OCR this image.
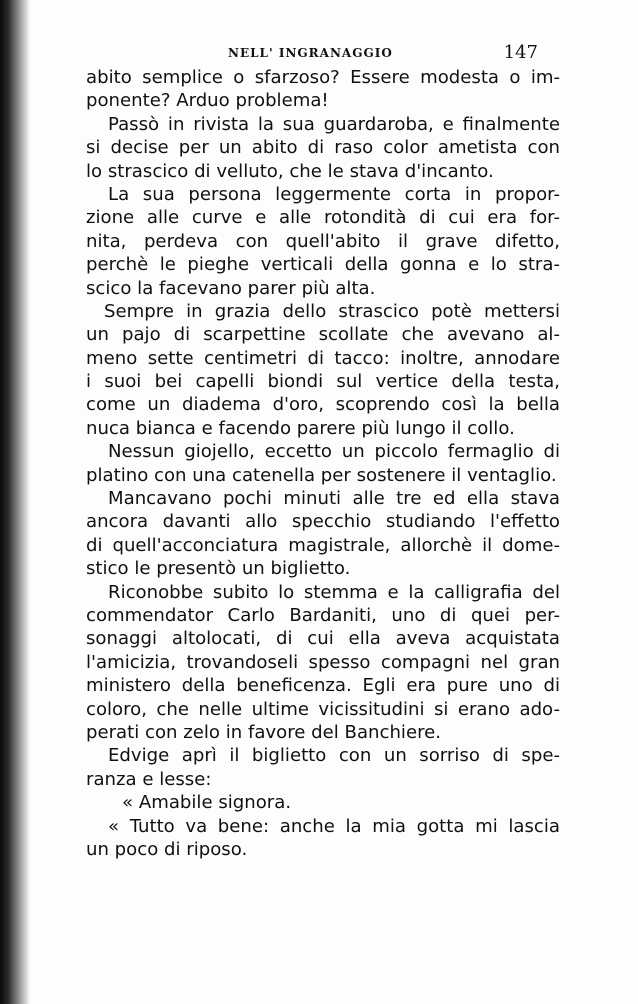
NELL' INGRANAGGIO	147
abito semplice o sfarzoso? Essere modesta o im-
ponente? Arduo problema!
Passò in rivista la sua guardaroba, e finalmente
si decise per un abito di raso color ametista con
lo strascico di velluto, che le stava d'incanto.
La sua persona leggermente corta in propor-
zione alle curve e alle rotondità di cui era for-
nita, perdeva con quell'abito il grave difetto,
perchè le pieghe verticali della gonna e lo stra-
scico la facevano parer più alta.
Sempre in grazia dello strascico potè mettersi
un pajo di scarpettine scollate che avevano al-
meno sette centimetri di tacco: inoltre, annodare
i suoi bei capelli biondi sul vertice della testa,
come un diadema d'oro, scoprendo così la bella
nuca bianca e facendo parere più lungo il collo.
Nessun giojello, eccetto un piccolo fermaglio di
platino con una catenella per sostenere il ventaglio.
Mancavano pochi minuti alle tre ed ella stava
ancora davanti allo specchio studiando l'effetto
di quell'acconciatura magistrale, allorchè il dome-
stico le presentò un biglietto.
Riconobbe subito lo stemma e la calligrafia del
commendator Carlo Bardaniti, uno di quei per-
sonaggi altolocati, di cui ella aveva acquistata
l'amicizia, trovandoseli spesso compagni nel gran
ministero della beneficenza. Egli era pure uno di
coloro, che nelle ultime vicissitudini si erano ado-
perati con zelo in favore del Banchiere.
Edvige aprì il biglietto con un sorriso di spe-
ranza e lesse:
« Amabile signora.
« Tutto va bene: anche la mia gotta mi lascia
un poco di riposo.
